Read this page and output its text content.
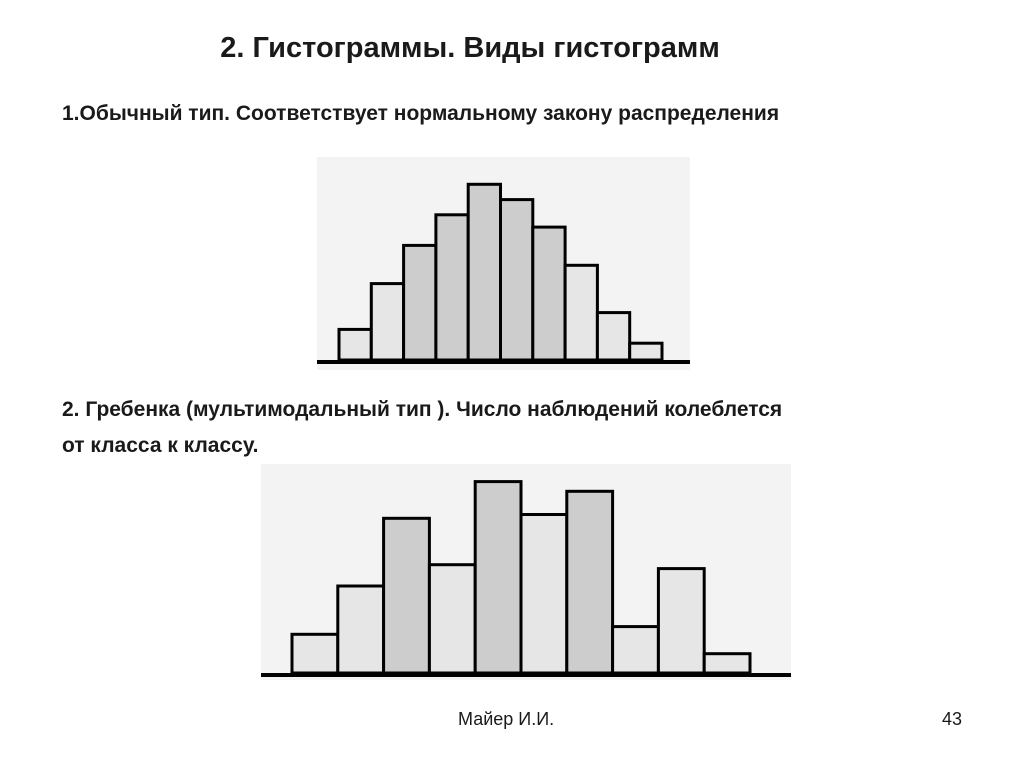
2. Гистограммы. Виды гистограмм

1.Обычный тип. Соответствует нормальному закону распределения

2. Гребенка (мультимодальный тип ). Число наблюдений колеблется
от класса к классу.

Майер И.И.	43
